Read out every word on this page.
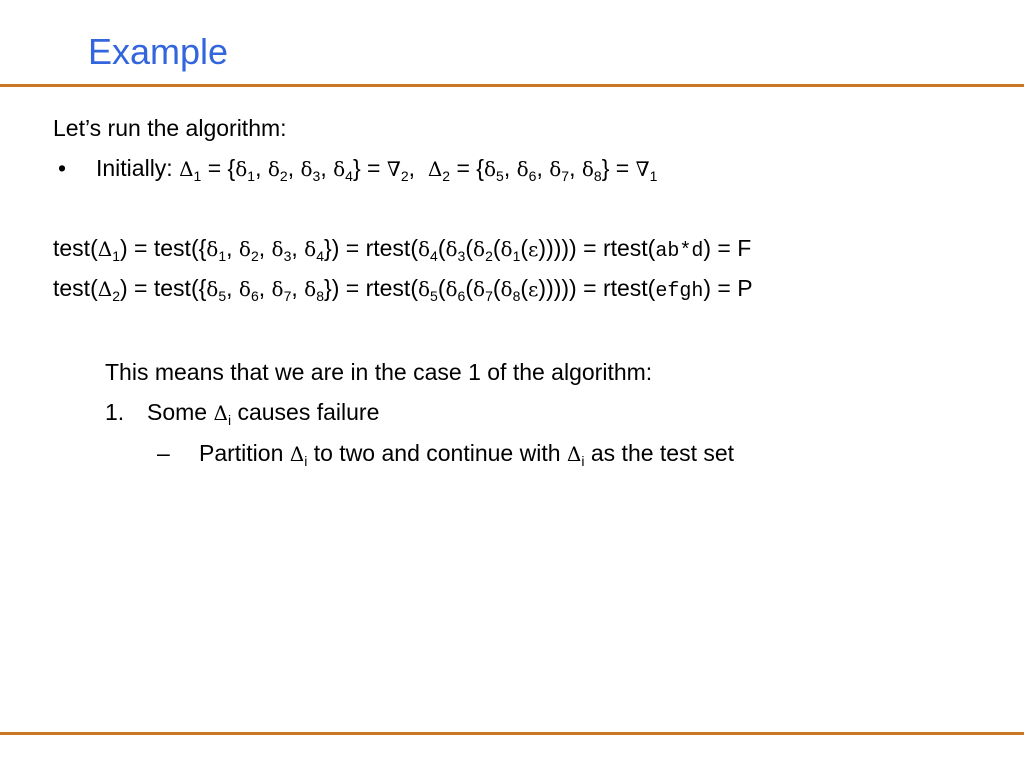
Example
Let’s run the algorithm:
• Initially: $\Delta_1 = \{\delta_1$, $\delta_2$, $\delta_3$, $\delta_4\} = \nabla_2$,  $\Delta_2 = \{\delta_5$, $\delta_6$, $\delta_7$, $\delta_8\} = \nabla_1$
$test(\Delta_1)$ = $test(\{\delta_1$, $\delta_2$, $\delta_3$, $\delta_4$}) = $rtest(\delta_4(\delta_3(\delta_2(\delta_1(\varepsilon)))))$ = rtest(ab*d) = F
$test(\Delta_2)$ = $test(\{\delta_5$, $\delta_6$, $\delta_7$, $\delta_8$}) = $rtest(\delta_5(\delta_6(\delta_7(\delta_8(\varepsilon)))))$ = rtest(efgh) = P
This means that we are in the case 1 of the algorithm:
1. Some $\Delta_i$ causes failure
– Partition $\Delta_i$ to two and continue with $\Delta_i$ as the test set
